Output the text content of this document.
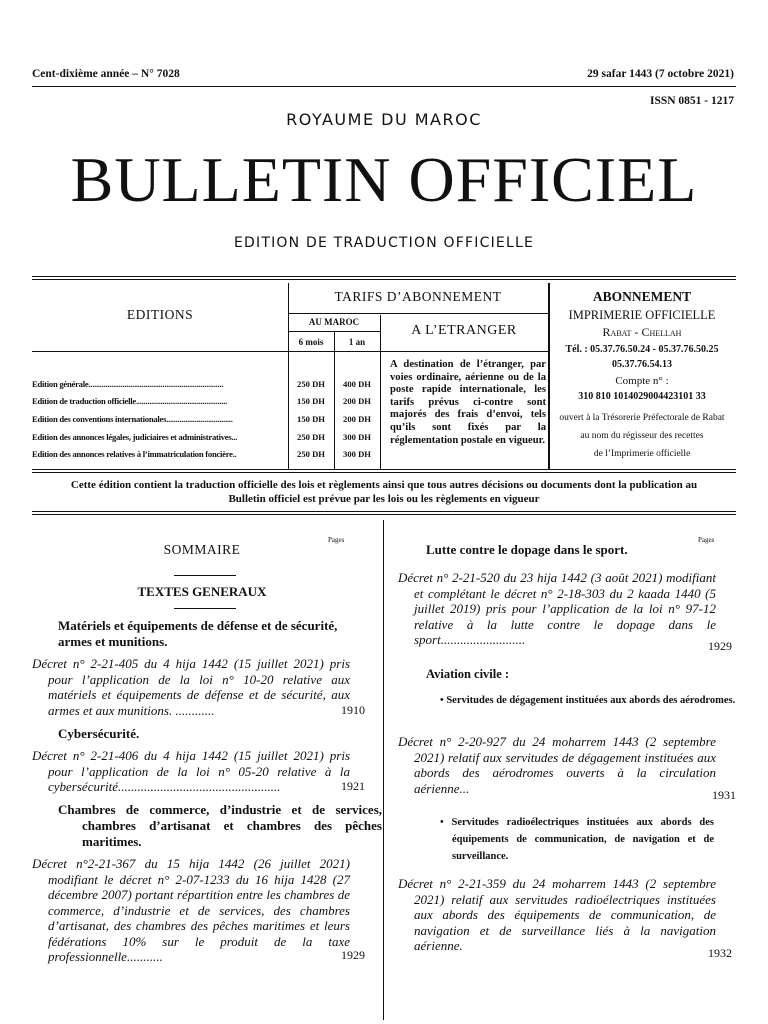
Cent-dixième année – N° 7028	29 safar 1443 (7 octobre 2021)
ISSN 0851 - 1217
ROYAUME DU MAROC
BULLETIN OFFICIEL
EDITION DE TRADUCTION OFFICIELLE
EDITIONS
TARIFS D’ABONNEMENT
AU MAROC
A L’ETRANGER
6 mois	1 an
Edition générale.......................................................................	250 DH	400 DH
Edition de traduction officielle................................................	150 DH	200 DH
Edition des conventions internationales...................................	150 DH	200 DH
Edition des annonces légales, judiciaires et administratives...	250 DH	300 DH
Edition des annonces relatives à l’immatriculation foncière..	250 DH	300 DH
A destination de l’étranger, par voies ordinaire, aérienne ou de la poste rapide internationale, les tarifs prévus ci-contre sont majorés des frais d’envoi, tels qu’ils sont fixés par la réglementation postale en vigueur.
ABONNEMENT
IMPRIMERIE OFFICIELLE
Rabat - Chellah
Tél. : 05.37.76.50.24 - 05.37.76.50.25
05.37.76.54.13
Compte n° :
310 810 1014029004423101 33
ouvert à la Trésorerie Préfectorale de Rabat
au nom du régisseur des recettes
de l’Imprimerie officielle
Cette édition contient la traduction officielle des lois et règlements ainsi que tous autres décisions ou documents dont la publication au Bulletin officiel est prévue par les lois ou les règlements en vigueur
Pages
SOMMAIRE
TEXTES GENERAUX
Matériels et équipements de défense et de sécurité, armes et munitions.
Décret n° 2-21-405 du 4 hija 1442 (15 juillet 2021) pris pour l’application de la loi n° 10-20 relative aux matériels et équipements de défense et de sécurité, aux armes et aux munitions. ............	1910
Cybersécurité.
Décret n° 2-21-406 du 4 hija 1442 (15 juillet 2021) pris pour l’application de la loi n° 05-20 relative à la cybersécurité..................................................	1921
Chambres de commerce, d’industrie et de services, chambres d’artisanat et chambres des pêches maritimes.
Décret n°2-21-367 du 15 hija 1442 (26 juillet 2021) modifiant le décret n° 2-07-1233 du 16 hija 1428 (27 décembre 2007) portant répartition entre les chambres de commerce, d’industrie et de services, des chambres d’artisanat, des chambres des pêches maritimes et leurs fédérations 10% sur le produit de la taxe professionnelle...........	1929
Pages
Lutte contre le dopage dans le sport.
Décret n° 2-21-520 du 23 hija 1442 (3 août 2021) modifiant et complétant le décret n° 2-18-303 du 2 kaada 1440 (5 juillet 2019) pris pour l’application de la loi n° 97-12 relative à la lutte contre le dopage dans le sport..........................	1929
Aviation civile :
• Servitudes de dégagement instituées aux abords des aérodromes.
Décret n° 2-20-927 du 24 moharrem 1443 (2 septembre 2021) relatif aux servitudes de dégagement instituées aux abords des aérodromes ouverts à la circulation aérienne...	1931
• Servitudes radioélectriques instituées aux abords des équipements de communication, de navigation et de surveillance.
Décret n° 2-21-359 du 24 moharrem 1443 (2 septembre 2021) relatif aux servitudes radioélectriques instituées aux abords des équipements de communication, de navigation et de surveillance liés à la navigation aérienne.	1932
